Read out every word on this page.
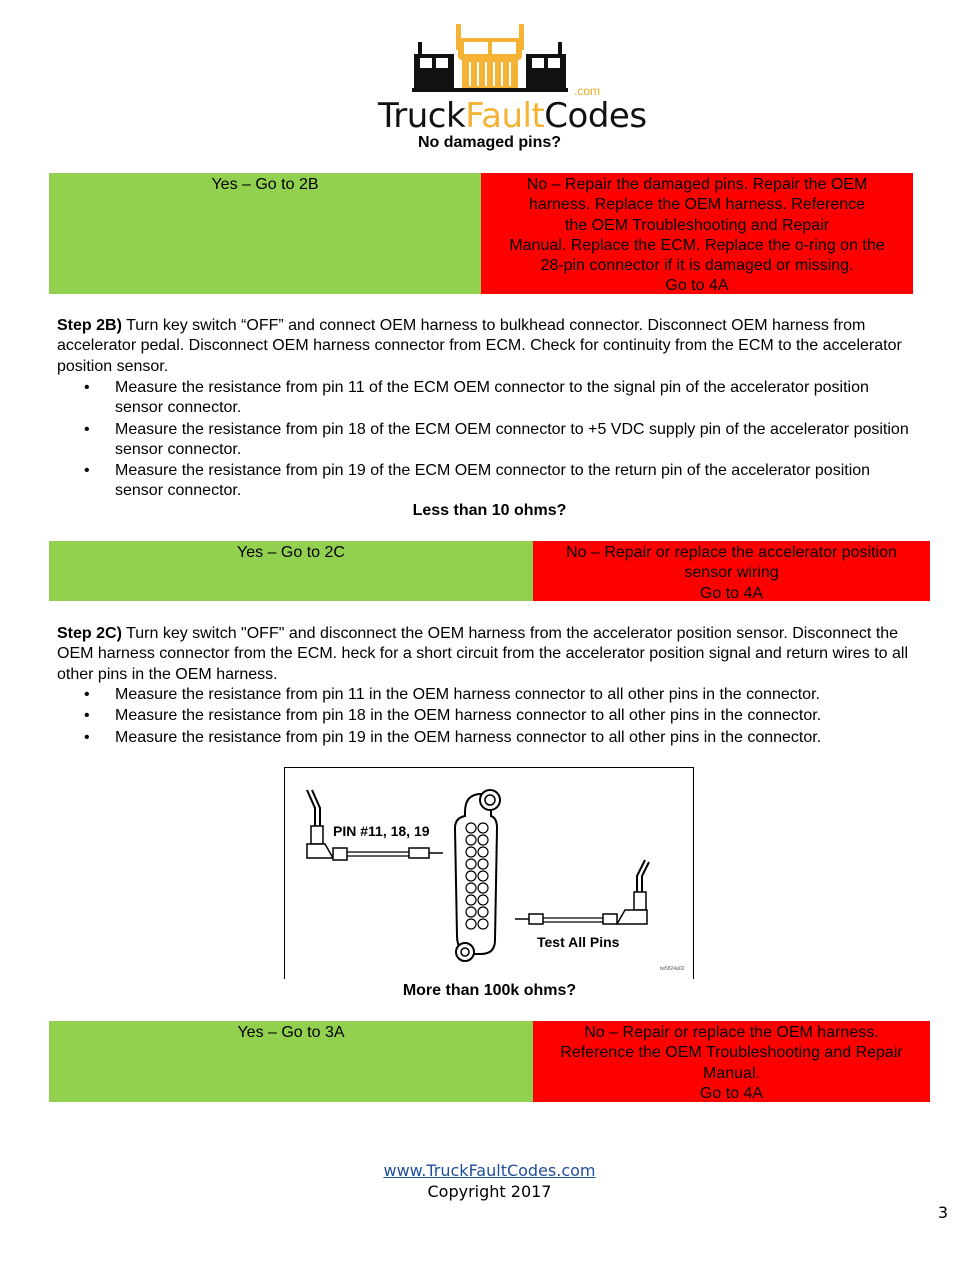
TruckFaultCodes
.com
No damaged pins?
Yes – Go to 2B	No – Repair the damaged pins. Repair the OEM
harness. Replace the OEM harness. Reference
the OEM Troubleshooting and Repair
Manual. Replace the ECM. Replace the o-ring on the
28-pin connector if it is damaged or missing.
Go to 4A
Step 2B) Turn key switch “OFF” and connect OEM harness to bulkhead connector. Disconnect OEM harness from accelerator pedal. Disconnect OEM harness connector from ECM. Check for continuity from the ECM to the accelerator position sensor.
• Measure the resistance from pin 11 of the ECM OEM connector to the signal pin of the accelerator position sensor connector.
• Measure the resistance from pin 18 of the ECM OEM connector to +5 VDC supply pin of the accelerator position sensor connector.
• Measure the resistance from pin 19 of the ECM OEM connector to the return pin of the accelerator position sensor connector.
Less than 10 ohms?
Yes – Go to 2C	No – Repair or replace the accelerator position
sensor wiring
Go to 4A
Step 2C) Turn key switch "OFF" and disconnect the OEM harness from the accelerator position sensor. Disconnect the OEM harness connector from the ECM. heck for a short circuit from the accelerator position signal and return wires to all other pins in the OEM harness.
• Measure the resistance from pin 11 in the OEM harness connector to all other pins in the connector.
• Measure the resistance from pin 18 in the OEM harness connector to all other pins in the connector.
• Measure the resistance from pin 19 in the OEM harness connector to all other pins in the connector.
PIN #11, 18, 19
Test All Pins
tw5824a02
More than 100k ohms?
Yes – Go to 3A	No – Repair or replace the OEM harness.
Reference the OEM Troubleshooting and Repair
Manual.
Go to 4A
www.TruckFaultCodes.com
Copyright 2017
3
